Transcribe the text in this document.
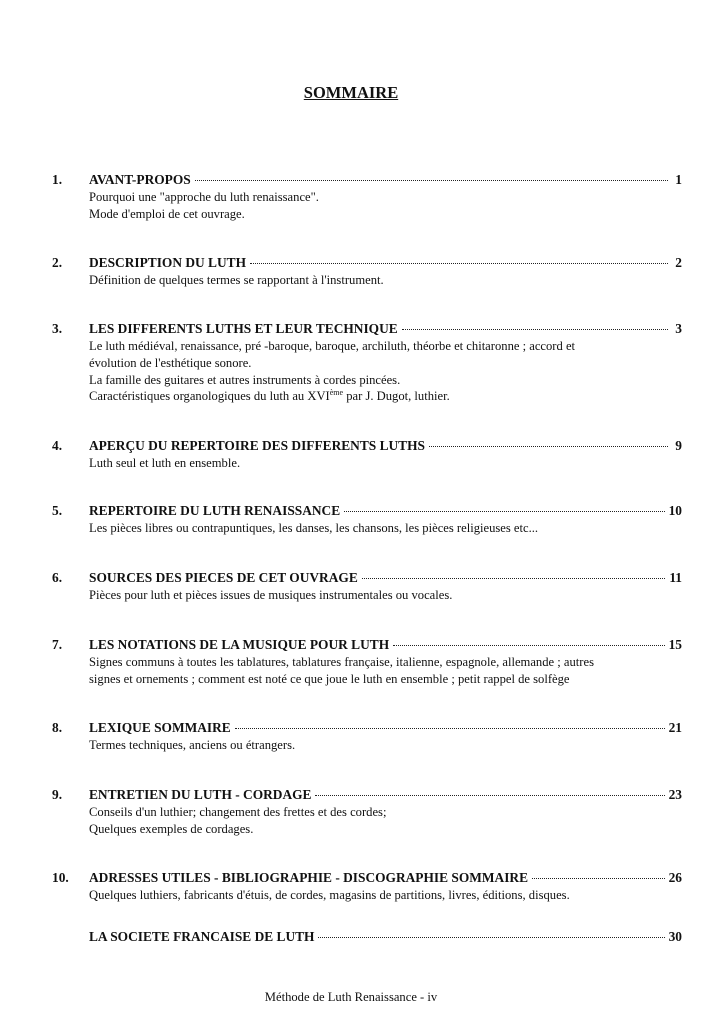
SOMMAIRE
1. AVANT-PROPOS	1
Pourquoi une "approche du luth renaissance".
Mode d'emploi de cet ouvrage.
2. DESCRIPTION DU LUTH	2
Définition de quelques termes se rapportant à l'instrument.
3. LES DIFFERENTS LUTHS ET LEUR TECHNIQUE	3
Le luth médiéval, renaissance, pré -baroque, baroque, archiluth, théorbe et chitaronne ; accord et
évolution de l'esthétique sonore.
La famille des guitares et autres instruments à cordes pincées.
Caractéristiques organologiques du luth au XVIème par J. Dugot, luthier.
4. APERÇU DU REPERTOIRE DES DIFFERENTS LUTHS	9
Luth seul et luth en ensemble.
5. REPERTOIRE DU LUTH RENAISSANCE	10
Les pièces libres ou contrapuntiques, les danses, les chansons, les pièces religieuses etc...
6. SOURCES DES PIECES DE CET OUVRAGE	11
Pièces pour luth et pièces issues de musiques instrumentales ou vocales.
7. LES NOTATIONS DE LA MUSIQUE POUR LUTH	15
Signes communs à toutes les tablatures, tablatures française, italienne, espagnole, allemande ; autres
signes et ornements ; comment est noté ce que joue le luth en ensemble ; petit rappel de solfège
8. LEXIQUE SOMMAIRE	21
Termes techniques, anciens ou étrangers.
9. ENTRETIEN DU LUTH - CORDAGE	23
Conseils d'un luthier; changement des frettes et des cordes;
Quelques exemples de cordages.
10. ADRESSES UTILES - BIBLIOGRAPHIE - DISCOGRAPHIE SOMMAIRE	26
Quelques luthiers, fabricants d'étuis, de cordes, magasins de partitions, livres, éditions, disques.
LA SOCIETE FRANCAISE DE LUTH	30
Méthode de Luth Renaissance - iv
